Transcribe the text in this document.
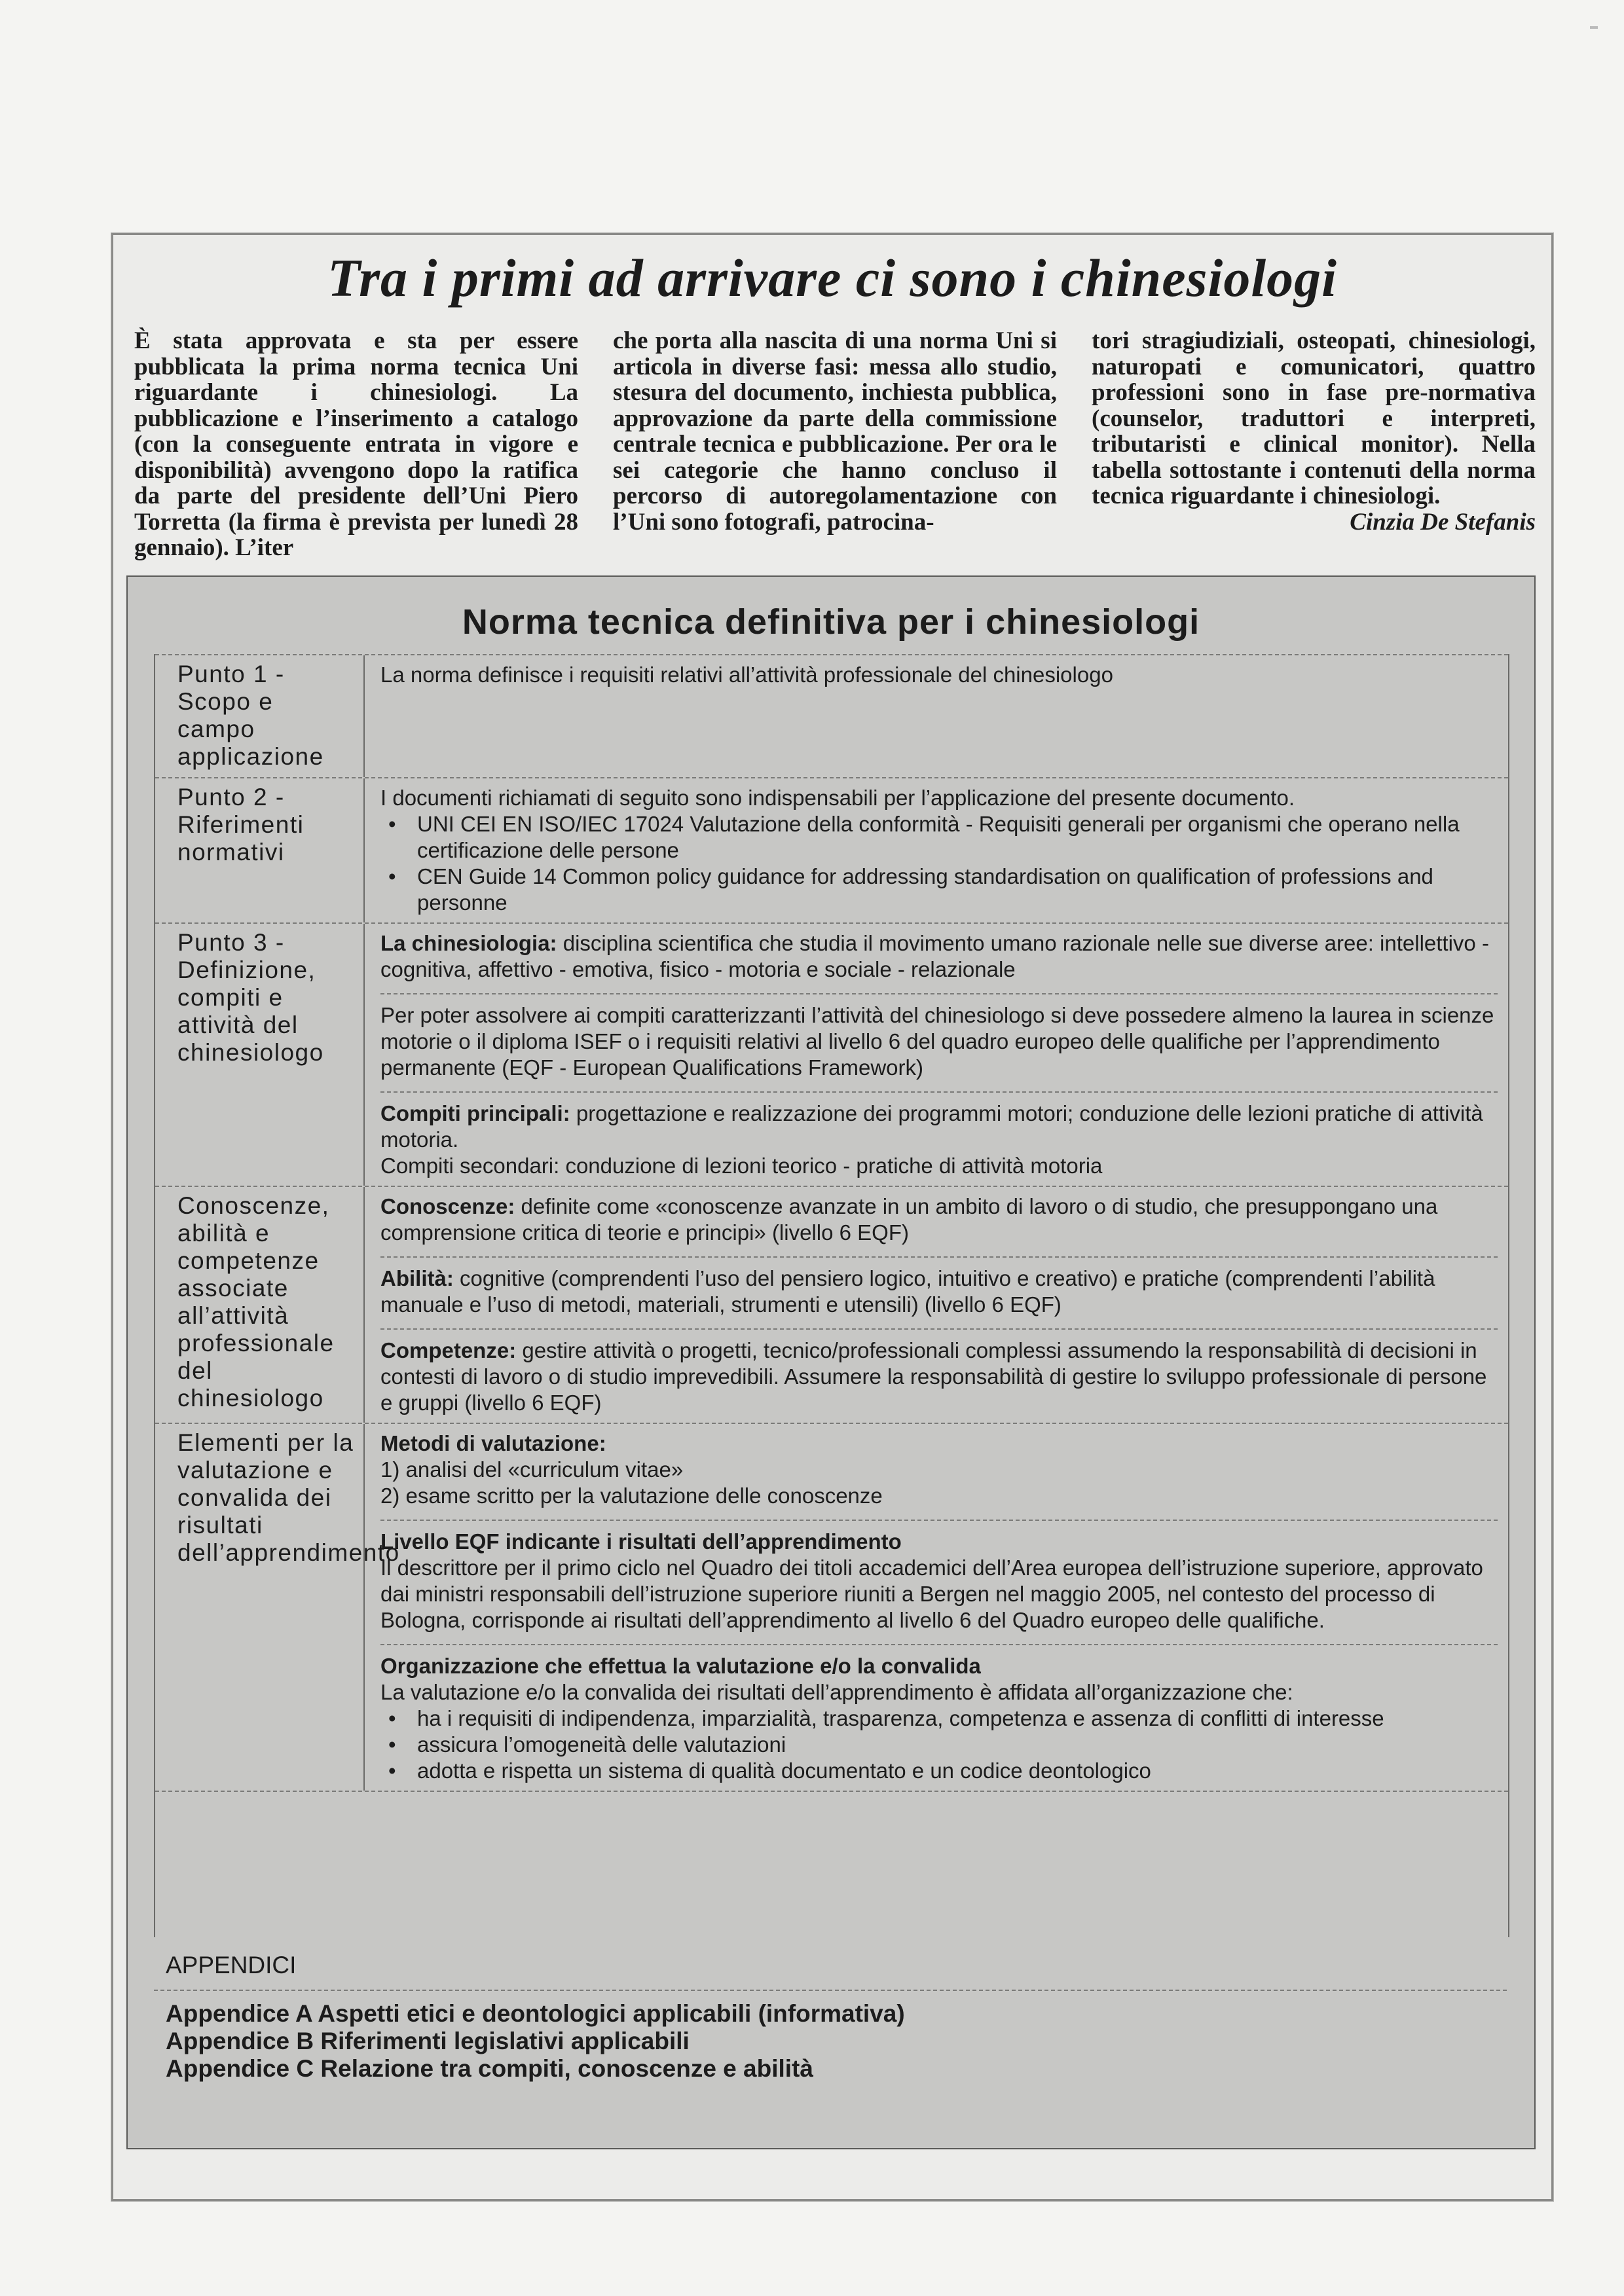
Tra i primi ad arrivare ci sono i chinesiologi

È stata approvata e sta per essere pubblicata la prima norma tecnica Uni riguardante i chinesiologi. La pubblicazione e l’inserimento a catalogo (con la conseguente entrata in vigore e disponibilità) avvengono dopo la ratifica da parte del presidente dell’Uni Piero Torretta (la firma è prevista per lunedì 28 gennaio). L’iter

che porta alla nascita di una norma Uni si articola in diverse fasi: messa allo studio, stesura del documento, inchiesta pubblica, approvazione da parte della commissione centrale tecnica e pubblicazione. Per ora le sei categorie che hanno concluso il percorso di autoregolamentazione con l’Uni sono fotografi, patrocina-

tori stragiudiziali, osteopati, chinesiologi, naturopati e comunicatori, quattro professioni sono in fase pre-normativa (counselor, traduttori e interpreti, tributaristi e clinical monitor). Nella tabella sottostante i contenuti della norma tecnica riguardante i chinesiologi.

Cinzia De Stefanis

Norma tecnica definitiva per i chinesiologi
Punto 1 - Scopo e campo applicazione

La norma definisce i requisiti relativi all’attività professionale del chinesiologo

Punto 2 - Riferimenti normativi

I documenti richiamati di seguito sono indispensabili per l’applicazione del presente documento.

• UNI CEI EN ISO/IEC 17024 Valutazione della conformità - Requisiti generali per organismi che operano nella certificazione delle persone
• CEN Guide 14 Common policy guidance for addressing standardisation on qualification of professions and personne
Punto 3 - Definizione, compiti e attività del chinesiologo

La chinesiologia: disciplina scientifica che studia il movimento umano razionale nelle sue diverse aree: intellettivo - cognitiva, affettivo - emotiva, fisico - motoria e sociale - relazionale

Per poter assolvere ai compiti caratterizzanti l’attività del chinesiologo si deve possedere almeno la laurea in scienze motorie o il diploma ISEF o i requisiti relativi al livello 6 del quadro europeo delle qualifiche per l’apprendimento permanente (EQF - European Qualifications Framework)

Compiti principali: progettazione e realizzazione dei programmi motori; conduzione delle lezioni pratiche di attività motoria.

Compiti secondari: conduzione di lezioni teorico - pratiche di attività motoria

Conoscenze, abilità e competenze associate all’attività professionale del chinesiologo

Conoscenze: definite come «conoscenze avanzate in un ambito di lavoro o di studio, che presuppongano una comprensione critica di teorie e principi» (livello 6 EQF)

Abilità: cognitive (comprendenti l’uso del pensiero logico, intuitivo e creativo) e pratiche (comprendenti l’abilità manuale e l’uso di metodi, materiali, strumenti e utensili) (livello 6 EQF)

Competenze: gestire attività o progetti, tecnico/professionali complessi assumendo la responsabilità di decisioni in contesti di lavoro o di studio imprevedibili. Assumere la responsabilità di gestire lo sviluppo professionale di persone e gruppi (livello 6 EQF)

Elementi per la valutazione e convalida dei risultati dell’apprendimento

Metodi di valutazione:

1) analisi del «curriculum vitae»

2) esame scritto per la valutazione delle conoscenze

Livello EQF indicante i risultati dell’apprendimento

Il descrittore per il primo ciclo nel Quadro dei titoli accademici dell’Area europea dell’istruzione superiore, approvato dai ministri responsabili dell’istruzione superiore riuniti a Bergen nel maggio 2005, nel contesto del processo di Bologna, corrisponde ai risultati dell’apprendimento al livello 6 del Quadro europeo delle qualifiche.

Organizzazione che effettua la valutazione e/o la convalida

La valutazione e/o la convalida dei risultati dell’apprendimento è affidata all’organizzazione che:

• ha i requisiti di indipendenza, imparzialità, trasparenza, competenza e assenza di conflitti di interesse
• assicura l’omogeneità delle valutazioni
• adotta e rispetta un sistema di qualità documentato e un codice deontologico
APPENDICI
Appendice A Aspetti etici e deontologici applicabili (informativa)
Appendice B Riferimenti legislativi applicabili
Appendice C Relazione tra compiti, conoscenze e abilità
